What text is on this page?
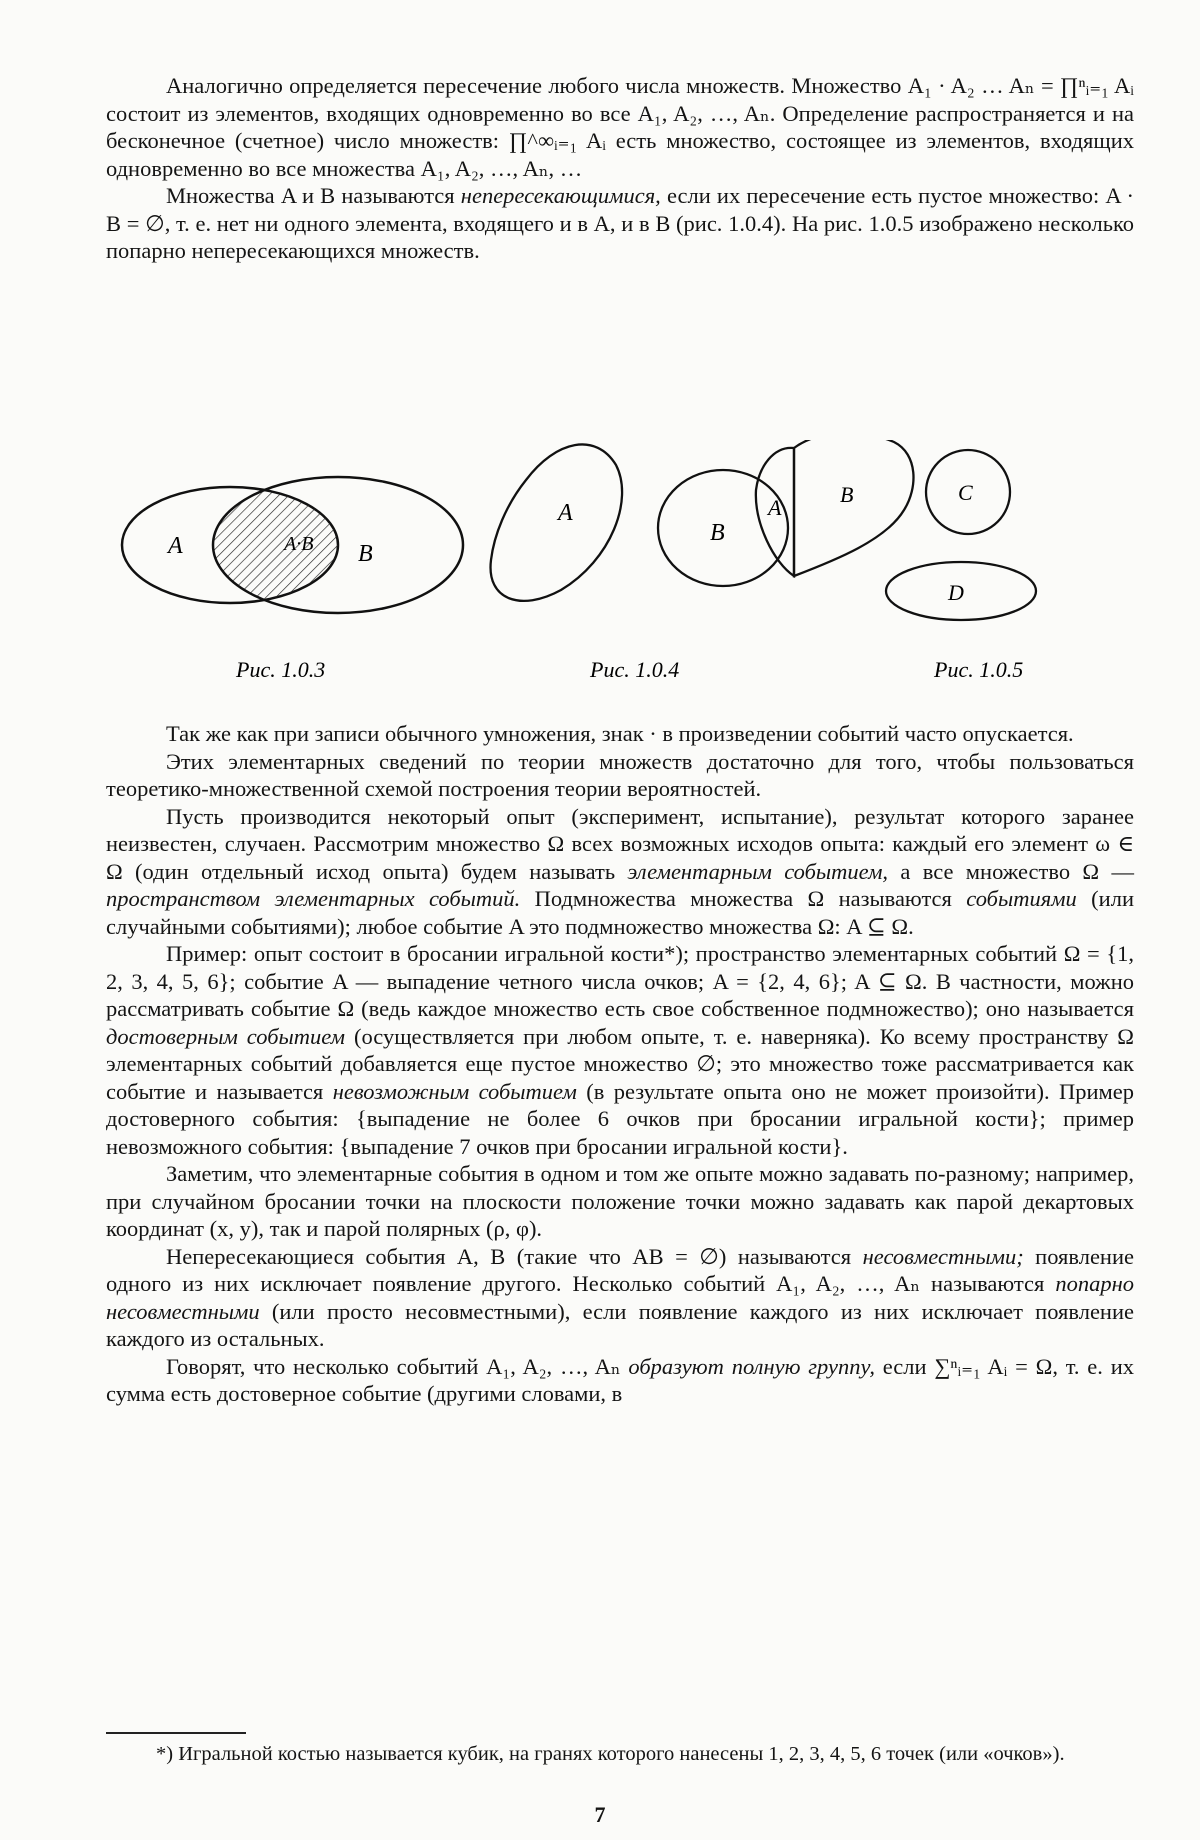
Аналогично определяется пересечение любого числа множеств. Множество A₁ · A₂ … Aₙ = ∏ⁿᵢ₌₁ Aᵢ состоит из элементов, входящих одновременно во все A₁, A₂, …, Aₙ. Определение распространяется и на бесконечное (счетное) число множеств: ∏^∞ᵢ₌₁ Aᵢ есть множество, состоящее из элементов, входящих одновременно во все множества A₁, A₂, …, Aₙ, …

Множества A и B называются непересекающимися, если их пересечение есть пустое множество: A · B = ∅, т. е. нет ни одного элемента, входящего и в A, и в B (рис. 1.0.4). На рис. 1.0.5 изображено несколько попарно непересекающихся множеств.

A	A·B B
Рис. 1.0.3
A
B
Рис. 1.0.4
A
B	C
D
Рис. 1.0.5

Так же как при записи обычного умножения, знак · в произведении событий часто опускается.

Этих элементарных сведений по теории множеств достаточно для того, чтобы пользоваться теоретико-множественной схемой построения теории вероятностей.

Пусть производится некоторый опыт (эксперимент, испытание), результат которого заранее неизвестен, случаен. Рассмотрим множество Ω всех возможных исходов опыта: каждый его элемент ω ∈ Ω (один отдельный исход опыта) будем называть элементарным событием, а все множество Ω — пространством элементарных событий. Подмножества множества Ω называются событиями (или случайными событиями); любое событие A это подмножество множества Ω: A ⊆ Ω.

Пример: опыт состоит в бросании игральной кости*); пространство элементарных событий Ω = {1, 2, 3, 4, 5, 6}; событие A — выпадение четного числа очков; A = {2, 4, 6}; A ⊆ Ω. В частности, можно рассматривать событие Ω (ведь каждое множество есть свое собственное подмножество); оно называется достоверным событием (осуществляется при любом опыте, т. е. наверняка). Ко всему пространству Ω элементарных событий добавляется еще пустое множество ∅; это множество тоже рассматривается как событие и называется невозможным событием (в результате опыта оно не может произойти). Пример достоверного события: {выпадение не более 6 очков при бросании игральной кости}; пример невозможного события: {выпадение 7 очков при бросании игральной кости}.

Заметим, что элементарные события в одном и том же опыте можно задавать по-разному; например, при случайном бросании точки на плоскости положение точки можно задавать как парой декартовых координат (x, y), так и парой полярных (ρ, φ).

Непересекающиеся события A, B (такие что AB = ∅) называются несовместными; появление одного из них исключает появление другого. Несколько событий A₁, A₂, …, Aₙ называются попарно несовместными (или просто несовместными), если появление каждого из них исключает появление каждого из остальных.

Говорят, что несколько событий A₁, A₂, …, Aₙ образуют полную группу, если ∑ⁿᵢ₌₁ Aᵢ = Ω, т. е. их сумма есть достоверное событие (другими словами, в

*) Игральной костью называется кубик, на гранях которого нанесены 1, 2, 3, 4, 5, 6 точек (или «очков»).

7
